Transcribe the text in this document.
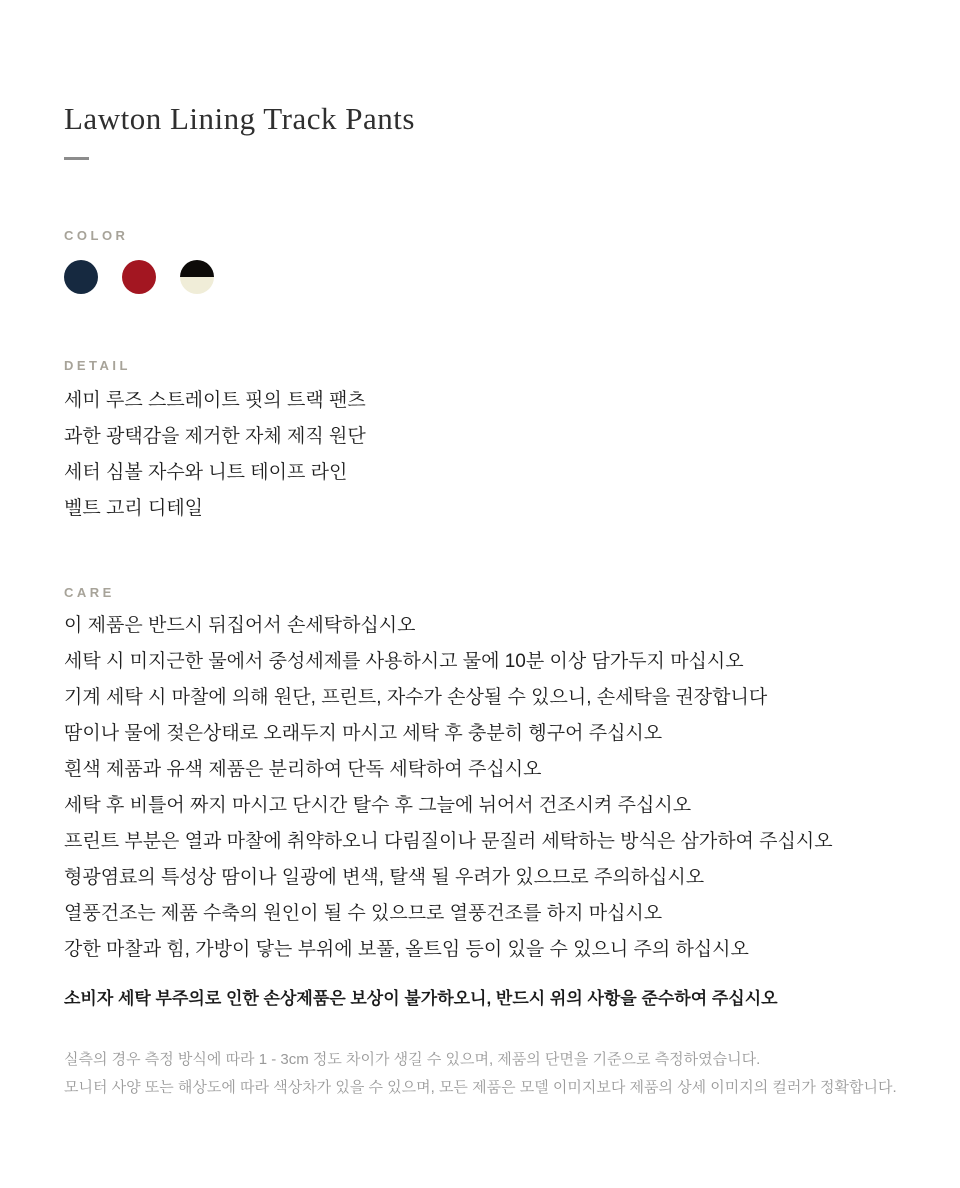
Lawton Lining Track Pants
COLOR
DETAIL

세미 루즈 스트레이트 핏의 트랙 팬츠

과한 광택감을 제거한 자체 제직 원단

세터 심볼 자수와 니트 테이프 라인

벨트 고리 디테일

CARE

이 제품은 반드시 뒤집어서 손세탁하십시오

세탁 시 미지근한 물에서 중성세제를 사용하시고 물에 10분 이상 담가두지 마십시오

기계 세탁 시 마찰에 의해 원단, 프린트, 자수가 손상될 수 있으니, 손세탁을 권장합니다

땀이나 물에 젖은상태로 오래두지 마시고 세탁 후 충분히 헹구어 주십시오

흰색 제품과 유색 제품은 분리하여 단독 세탁하여 주십시오

세탁 후 비틀어 짜지 마시고 단시간 탈수 후 그늘에 뉘어서 건조시켜 주십시오

프린트 부분은 열과 마찰에 취약하오니 다림질이나 문질러 세탁하는 방식은 삼가하여 주십시오

형광염료의 특성상 땀이나 일광에 변색, 탈색 될 우려가 있으므로 주의하십시오

열풍건조는 제품 수축의 원인이 될 수 있으므로 열풍건조를 하지 마십시오

강한 마찰과 힘, 가방이 닿는 부위에 보풀, 올트임 등이 있을 수 있으니 주의 하십시오

소비자 세탁 부주의로 인한 손상제품은 보상이 불가하오니, 반드시 위의 사항을 준수하여 주십시오

실측의 경우 측정 방식에 따라 1 - 3cm 정도 차이가 생길 수 있으며, 제품의 단면을 기준으로 측정하였습니다.

모니터 사양 또는 해상도에 따라 색상차가 있을 수 있으며, 모든 제품은 모델 이미지보다 제품의 상세 이미지의 컬러가 정확합니다.
